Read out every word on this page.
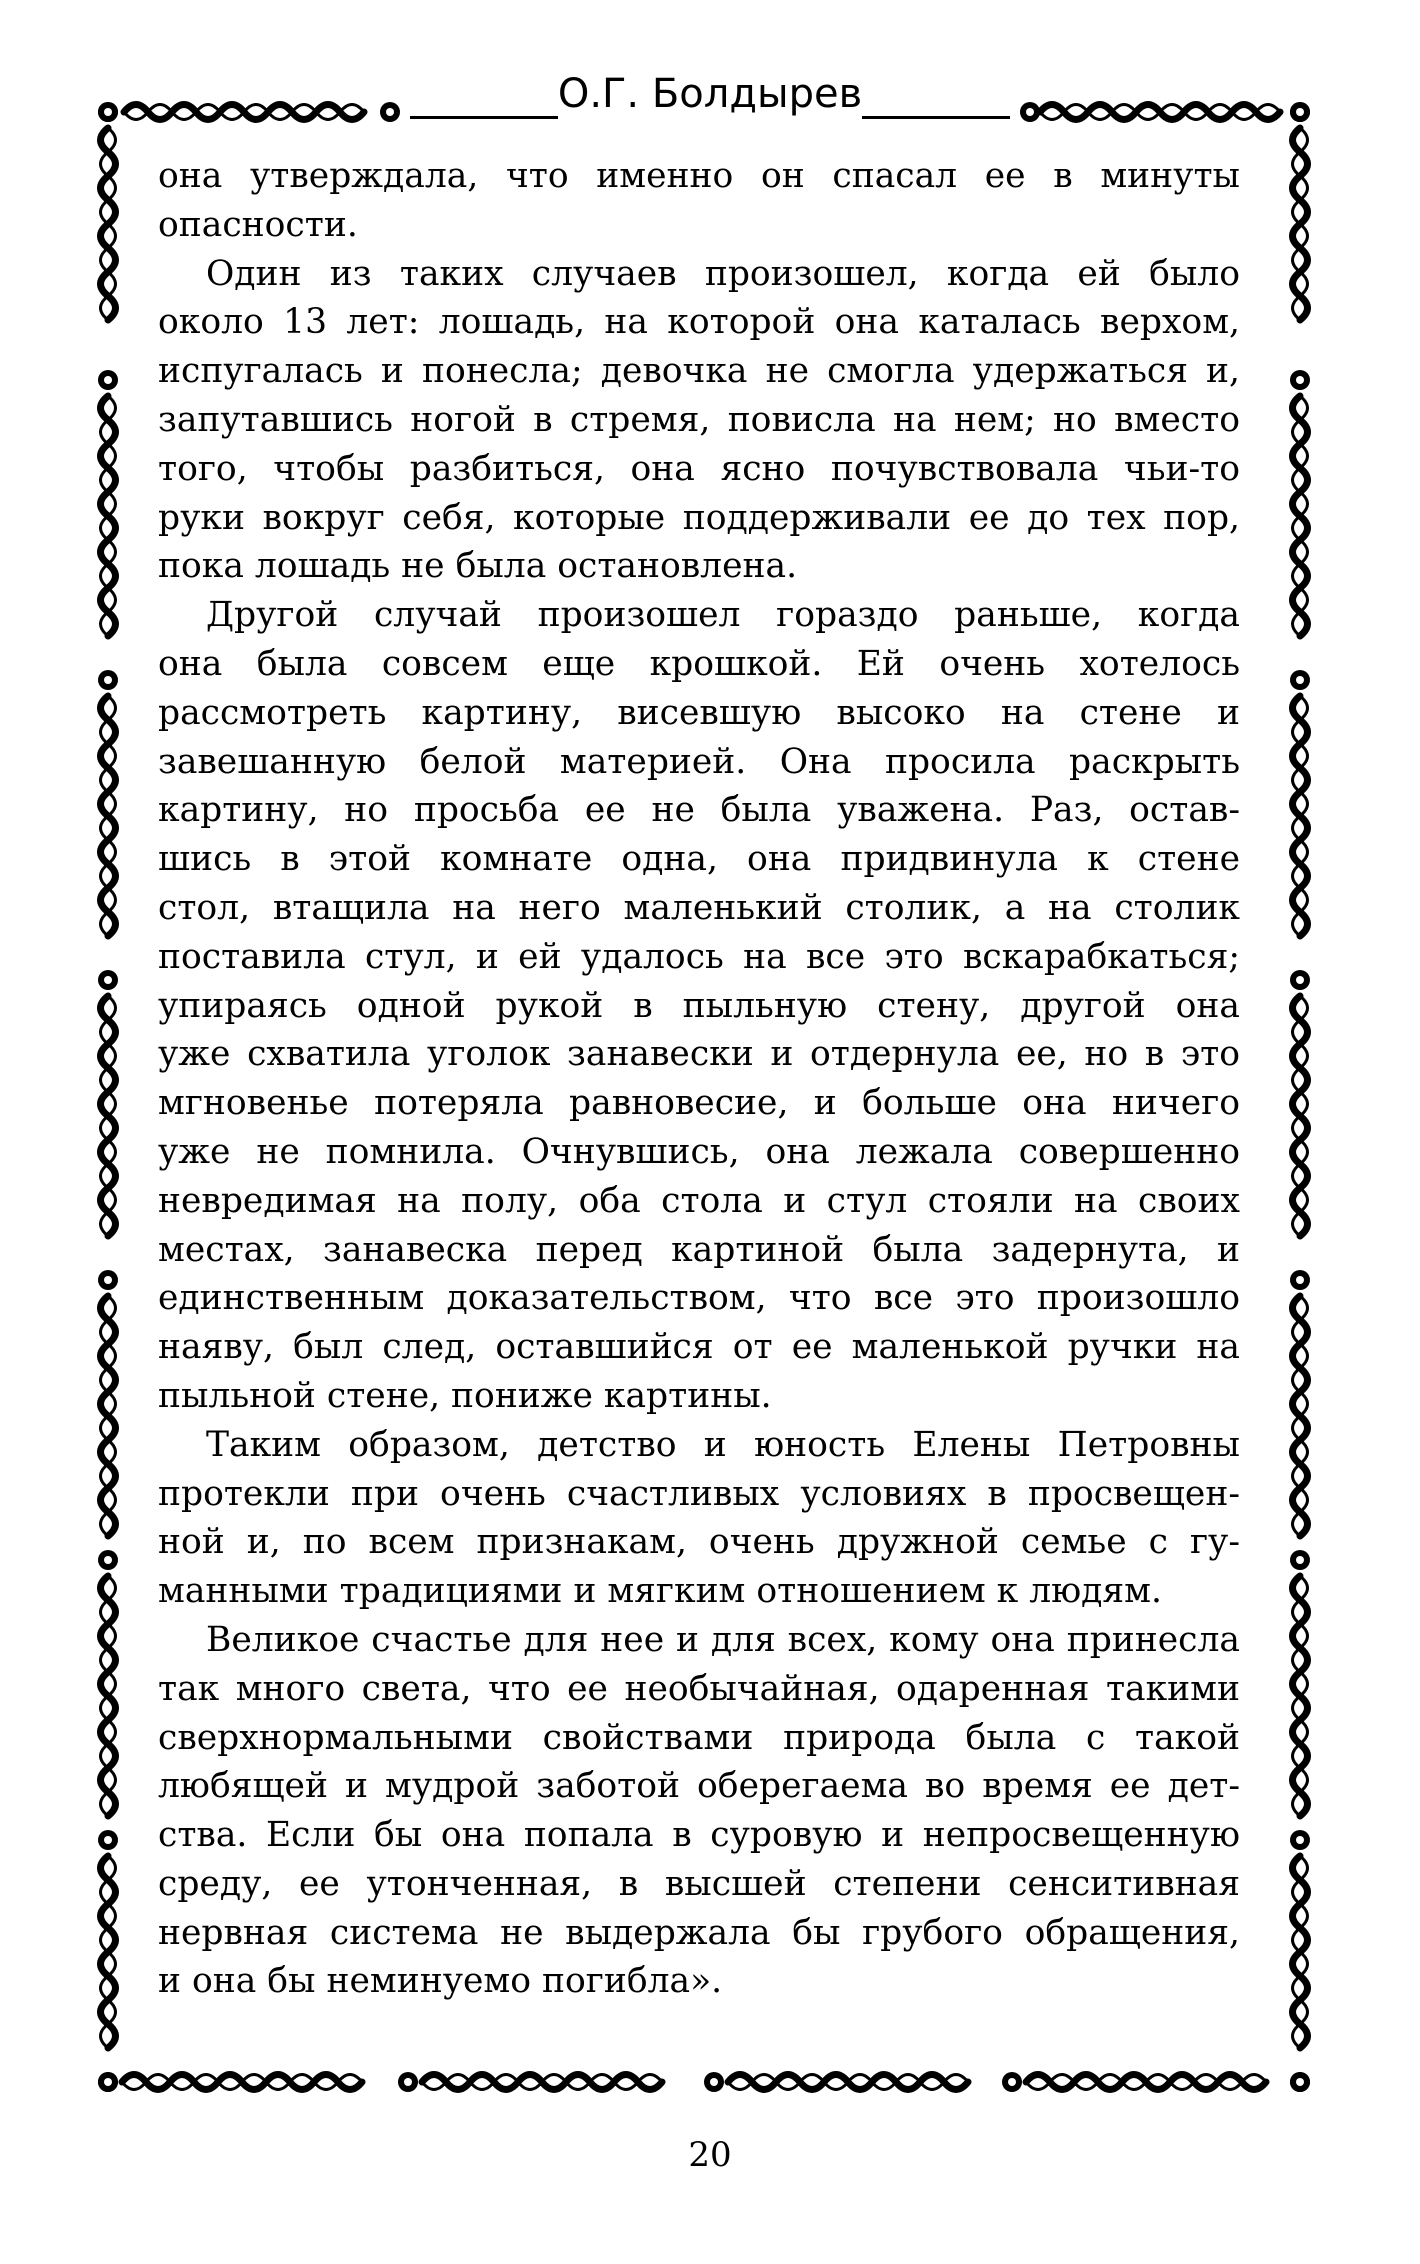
О.Г. Болдырев

она утверждала, что именно он спасал ее в минуты
опасности.

Один из таких случаев произошел, когда ей было
около 13 лет: лошадь, на которой она каталась верхом,
испугалась и понесла; девочка не смогла удержаться и,
запутавшись ногой в стремя, повисла на нем; но вместо
того, чтобы разбиться, она ясно почувствовала чьи-то
руки вокруг себя, которые поддерживали ее до тех пор,
пока лошадь не была остановлена.

Другой случай произошел гораздо раньше, когда
она была совсем еще крошкой. Ей очень хотелось
рассмотреть картину, висевшую высоко на стене и
завешанную белой материей. Она просила раскрыть
картину, но просьба ее не была уважена. Раз, остав-
шись в этой комнате одна, она придвинула к стене
стол, втащила на него маленький столик, а на столик
поставила стул, и ей удалось на все это вскарабкаться;
упираясь одной рукой в пыльную стену, другой она
уже схватила уголок занавески и отдернула ее, но в это
мгновенье потеряла равновесие, и больше она ничего
уже не помнила. Очнувшись, она лежала совершенно
невредимая на полу, оба стола и стул стояли на своих
местах, занавеска перед картиной была задернута, и
единственным доказательством, что все это произошло
наяву, был след, оставшийся от ее маленькой ручки на
пыльной стене, пониже картины.

Таким образом, детство и юность Елены Петровны
протекли при очень счастливых условиях в просвещен-
ной и, по всем признакам, очень дружной семье с гу-
манными традициями и мягким отношением к людям.

Великое счастье для нее и для всех, кому она принесла
так много света, что ее необычайная, одаренная такими
сверхнормальными свойствами природа была с такой
любящей и мудрой заботой оберегаема во время ее дет-
ства. Если бы она попала в суровую и непросвещенную
среду, ее утонченная, в высшей степени сенситивная
нервная система не выдержала бы грубого обращения,
и она бы неминуемо погибла».

20
